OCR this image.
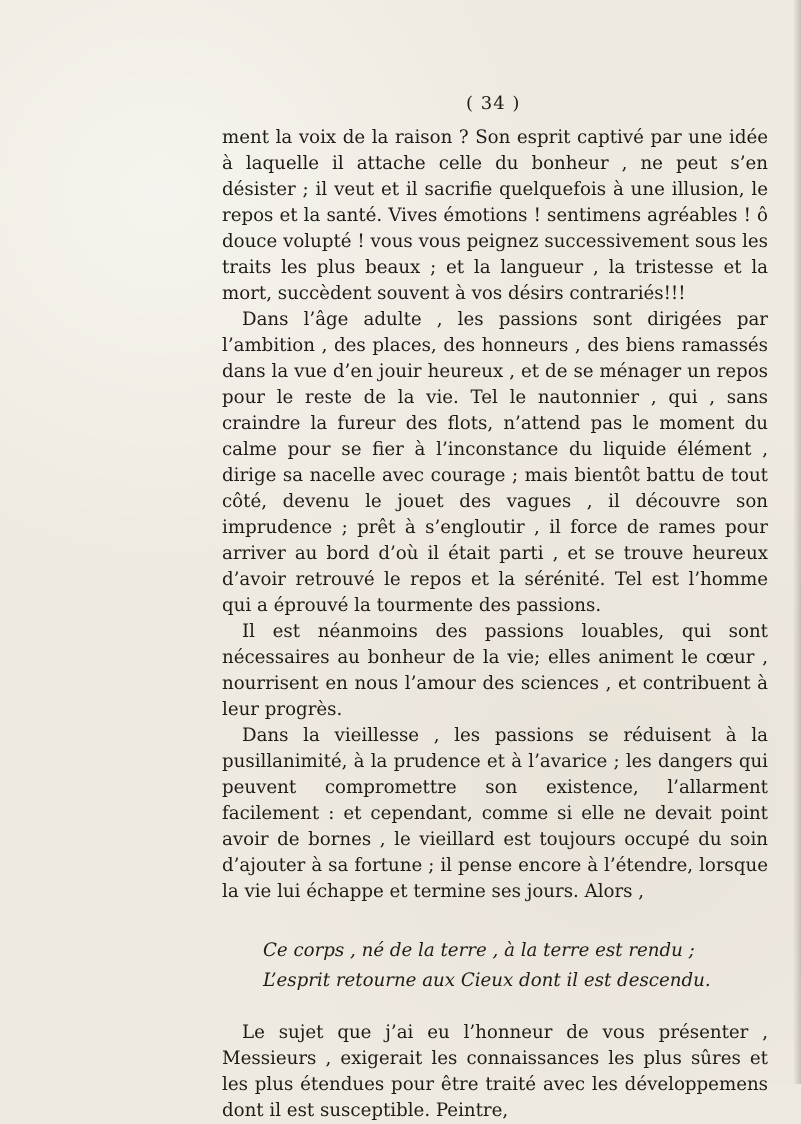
( 34 )

ment la voix de la raison ? Son esprit captivé par une idée à laquelle il attache celle du bonheur , ne peut s’en désister ; il veut et il sacrifie quelquefois à une illusion, le repos et la santé. Vives émotions ! sentimens agréables ! ô douce volupté ! vous vous peignez successivement sous les traits les plus beaux ; et la langueur , la tristesse et la mort, succèdent souvent à vos désirs contrariés!!!

Dans l’âge adulte , les passions sont dirigées par l’ambition , des places, des honneurs , des biens ramassés dans la vue d’en jouir heureux , et de se ménager un repos pour le reste de la vie. Tel le nautonnier , qui , sans craindre la fureur des flots, n’attend pas le moment du calme pour se fier à l’inconstance du liquide élément , dirige sa nacelle avec courage ; mais bientôt battu de tout côté, devenu le jouet des vagues , il découvre son imprudence ; prêt à s’engloutir , il force de rames pour arriver au bord d’où il était parti , et se trouve heureux d’avoir retrouvé le repos et la sérénité. Tel est l’homme qui a éprouvé la tourmente des passions.

Il est néanmoins des passions louables, qui sont nécessaires au bonheur de la vie; elles animent le cœur , nourrisent en nous l’amour des sciences , et contribuent à leur progrès.

Dans la vieillesse , les passions se réduisent à la pusillanimité, à la prudence et à l’avarice ; les dangers qui peuvent compromettre son existence, l’allarment facilement : et cependant, comme si elle ne devait point avoir de bornes , le vieillard est toujours occupé du soin d’ajouter à sa fortune ; il pense encore à l’étendre, lorsque la vie lui échappe et termine ses jours. Alors ,

Ce corps , né de la terre , à la terre est rendu ;
L’esprit retourne aux Cieux dont il est descendu.

Le sujet que j’ai eu l’honneur de vous présenter , Messieurs , exigerait les connaissances les plus sûres et les plus étendues pour être traité avec les développemens dont il est susceptible. Peintre,
